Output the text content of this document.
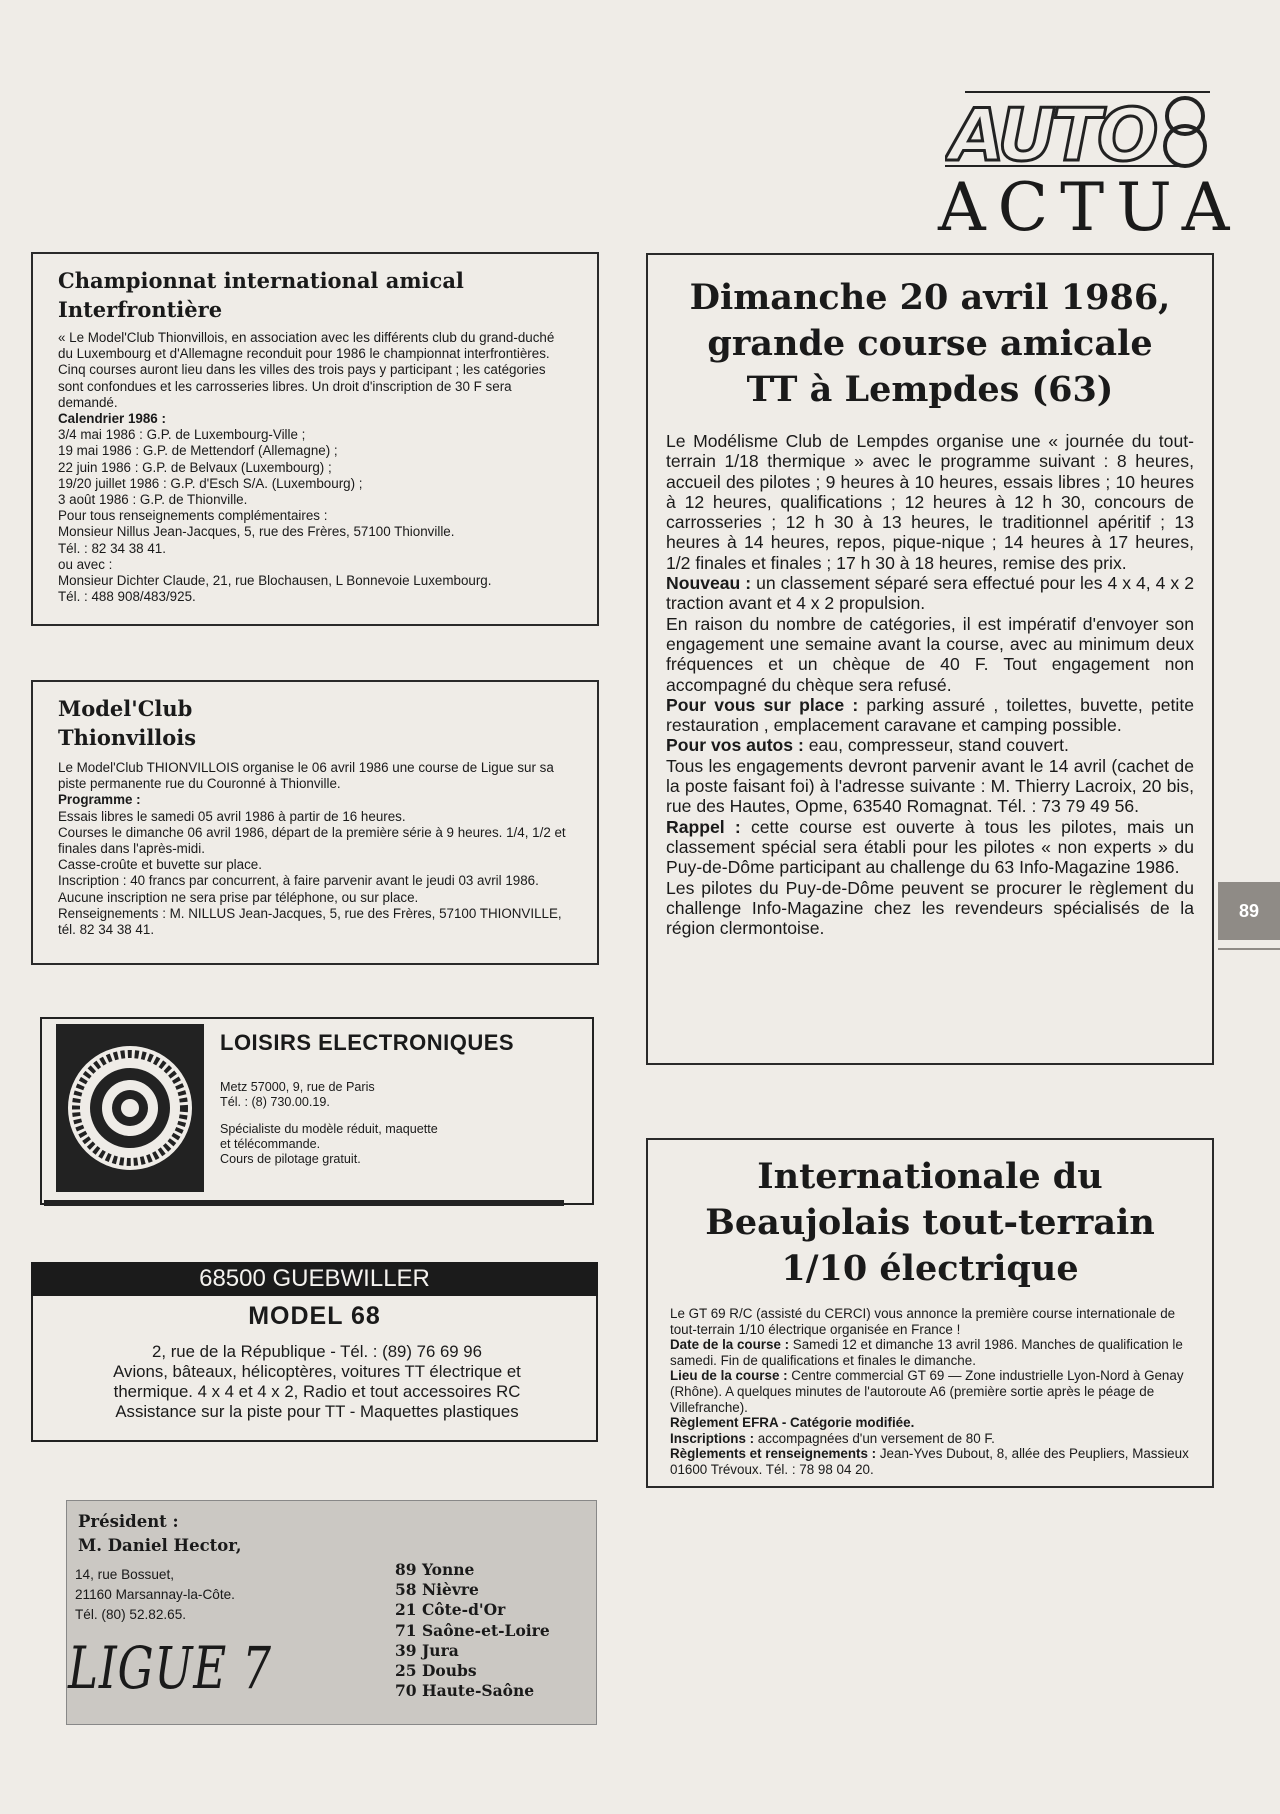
AUTO
ACTUA
Championnat international amical Interfrontière

« Le Model'Club Thionvillois, en association avec les différents club du grand-duché du Luxembourg et d'Allemagne reconduit pour 1986 le championnat interfrontières.

Cinq courses auront lieu dans les villes des trois pays y participant ; les catégories sont confondues et les carrosseries libres. Un droit d'inscription de 30 F sera demandé.

Calendrier 1986 :

3/4 mai 1986 : G.P. de Luxembourg-Ville ;

19 mai 1986 : G.P. de Mettendorf (Allemagne) ;

22 juin 1986 : G.P. de Belvaux (Luxembourg) ;

19/20 juillet 1986 : G.P. d'Esch S/A. (Luxembourg) ;

3 août 1986 : G.P. de Thionville.

Pour tous renseignements complémentaires :

Monsieur Nillus Jean-Jacques, 5, rue des Frères, 57100 Thionville.

Tél. : 82 34 38 41.

ou avec :

Monsieur Dichter Claude, 21, rue Blochausen, L Bonnevoie Luxembourg.

Tél. : 488 908/483/925.

Model'Club
Thionvillois

Le Model'Club THIONVILLOIS organise le 06 avril 1986 une course de Ligue sur sa piste permanente rue du Couronné à Thionville.

Programme :

Essais libres le samedi 05 avril 1986 à partir de 16 heures.

Courses le dimanche 06 avril 1986, départ de la première série à 9 heures. 1/4, 1/2 et finales dans l'après-midi.

Casse-croûte et buvette sur place.

Inscription : 40 francs par concurrent, à faire parvenir avant le jeudi 03 avril 1986.

Aucune inscription ne sera prise par téléphone, ou sur place.

Renseignements : M. NILLUS Jean-Jacques, 5, rue des Frères, 57100 THIONVILLE, tél. 82 34 38 41.

LOISIRS ELECTRONIQUES

Metz 57000, 9, rue de Paris

Tél. : (8) 730.00.19.

Spécialiste du modèle réduit, maquette

et télécommande.

Cours de pilotage gratuit.

68500 GUEBWILLER
MODEL 68

2, rue de la République - Tél. : (89) 76 69 96

Avions, bâteaux, hélicoptères, voitures TT électrique et

thermique. 4 x 4 et 4 x 2, Radio et tout accessoires RC

Assistance sur la piste pour TT - Maquettes plastiques

Président :
M. Daniel Hector,

14, rue Bossuet,

21160 Marsannay-la-Côte.

Tél. (80) 52.82.65.

LIGUE 7

89 Yonne

58 Nièvre

21 Côte-d'Or

71 Saône-et-Loire

39 Jura

25 Doubs

70 Haute-Saône

Dimanche 20 avril 1986,
grande course amicale
TT à Lempdes (63)

Le Modélisme Club de Lempdes organise une « journée du tout-terrain 1/18 thermique » avec le programme suivant : 8 heures, accueil des pilotes ; 9 heures à 10 heures, essais libres ; 10 heures à 12 heures, qualifications ; 12 heures à 12 h 30, concours de carrosseries ; 12 h 30 à 13 heures, le traditionnel apéritif ; 13 heures à 14 heures, repos, pique-nique ; 14 heures à 17 heures, 1/2 finales et finales ; 17 h 30 à 18 heures, remise des prix.

Nouveau : un classement séparé sera effectué pour les 4 x 4, 4 x 2 traction avant et 4 x 2 propulsion.

En raison du nombre de catégories, il est impératif d'envoyer son engagement une semaine avant la course, avec au minimum deux fréquences et un chèque de 40 F. Tout engagement non accompagné du chèque sera refusé.

Pour vous sur place : parking assuré , toilettes, buvette, petite restauration , emplacement caravane et camping possible.

Pour vos autos : eau, compresseur, stand couvert.

Tous les engagements devront parvenir avant le 14 avril (cachet de la poste faisant foi) à l'adresse suivante : M. Thierry Lacroix, 20 bis, rue des Hautes, Opme, 63540 Romagnat. Tél. : 73 79 49 56.

Rappel : cette course est ouverte à tous les pilotes, mais un classement spécial sera établi pour les pilotes « non experts » du Puy-de-Dôme participant au challenge du 63 Info-Magazine 1986.

Les pilotes du Puy-de-Dôme peuvent se procurer le règlement du challenge Info-Magazine chez les revendeurs spécialisés de la région clermontoise.

Internationale du
Beaujolais tout-terrain
1/10 électrique

Le GT 69 R/C (assisté du CERCI) vous annonce la première course internationale de tout-terrain 1/10 électrique organisée en France !

Date de la course : Samedi 12 et dimanche 13 avril 1986. Manches de qualification le samedi. Fin de qualifications et finales le dimanche.

Lieu de la course : Centre commercial GT 69 — Zone industrielle Lyon-Nord à Genay (Rhône). A quelques minutes de l'autoroute A6 (première sortie après le péage de Villefranche).

Règlement EFRA - Catégorie modifiée.

Inscriptions : accompagnées d'un versement de 80 F.

Règlements et renseignements : Jean-Yves Dubout, 8, allée des Peupliers, Massieux 01600 Trévoux. Tél. : 78 98 04 20.

89
